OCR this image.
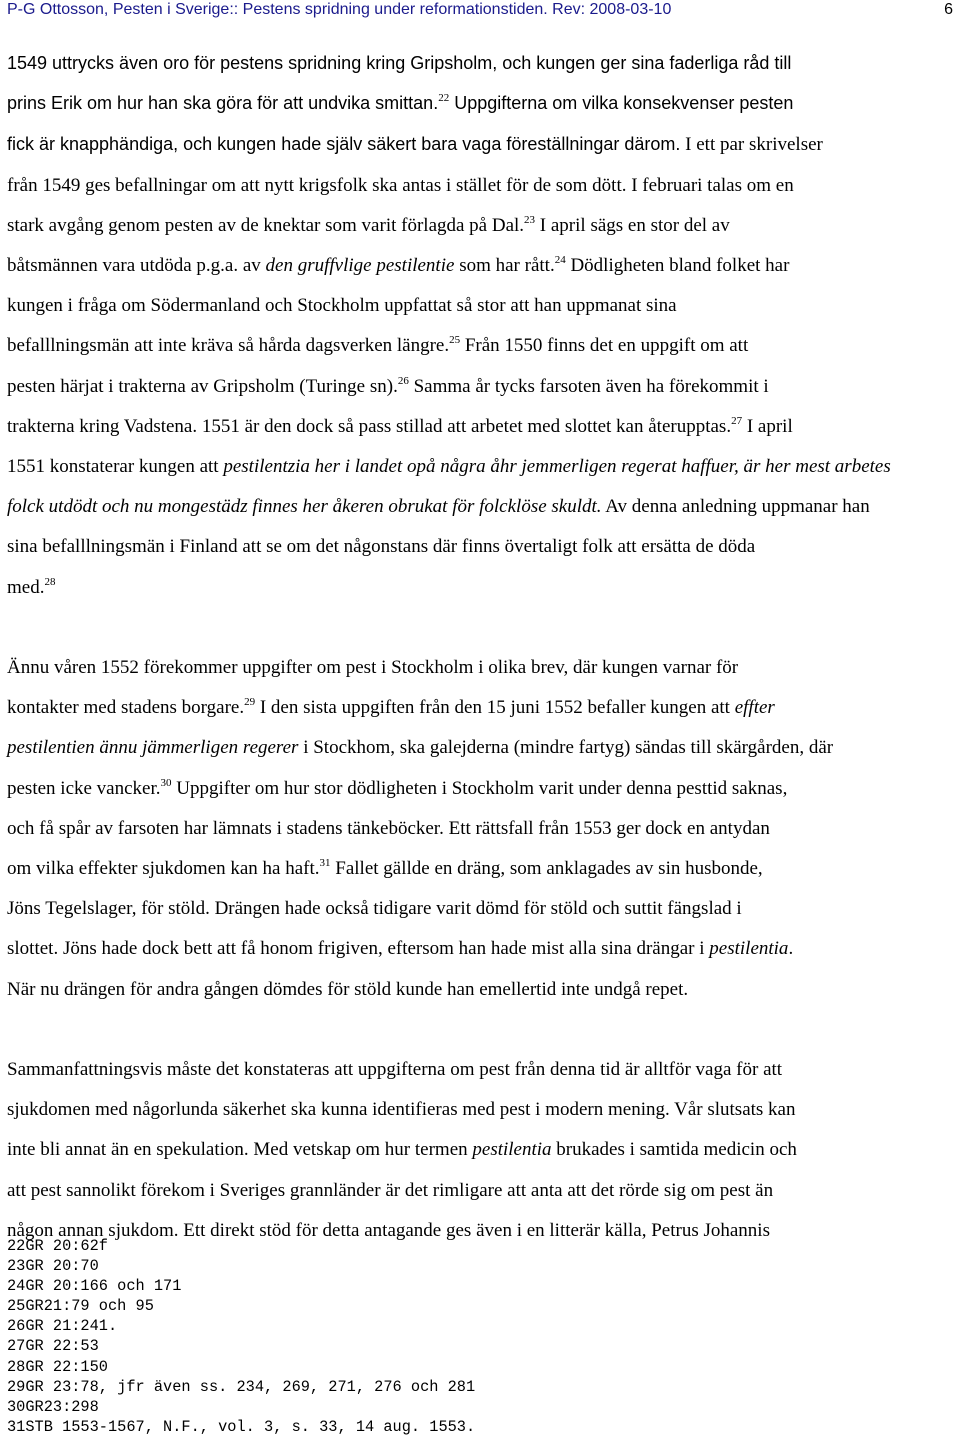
P-G Ottosson, Pesten i Sverige:: Pestens spridning under reformationstiden. Rev: 2008-03-10	6
1549 uttrycks även oro för pestens spridning kring Gripsholm, och kungen ger sina faderliga råd till
prins Erik om hur han ska göra för att undvika smittan.$^{22}$ Uppgifterna om vilka konsekvenser pesten
fick är knapphändiga, och kungen hade själv säkert bara vaga föreställningar därom. I ett par skrivelser
från 1549 ges befallningar om att nytt krigsfolk ska antas i stället för de som dött. I februari talas om en
stark avgång genom pesten av de knektar som varit förlagda på Dal.$^{23}$ I april sägs en stor del av
båtsmännen vara utdöda p.g.a. av den gruffvlige pestilentie som har rått.$^{24}$ Dödligheten bland folket har
kungen i fråga om Södermanland och Stockholm uppfattat så stor att han uppmanat sina
befalllningsmän att inte kräva så hårda dagsverken längre.$^{25}$ Från 1550 finns det en uppgift om att
pesten härjat i trakterna av Gripsholm (Turinge sn).$^{26}$ Samma år tycks farsoten även ha förekommit i
trakterna kring Vadstena. 1551 är den dock så pass stillad att arbetet med slottet kan återupptas.$^{27}$ I april
1551 konstaterar kungen att pestilentzia her i landet opå några åhr jemmerligen regerat haffuer, är her mest arbetes
folck utdödt och nu mongestädz finnes her åkeren obrukat för folcklöse skuldt. Av denna anledning uppmanar han
sina befalllningsmän i Finland att se om det någonstans där finns övertaligt folk att ersätta de döda
med.$^{28}$
Ännu våren 1552 förekommer uppgifter om pest i Stockholm i olika brev, där kungen varnar för
kontakter med stadens borgare.$^{29}$ I den sista uppgiften från den 15 juni 1552 befaller kungen att effter
pestilentien ännu jämmerligen regerer i Stockhom, ska galejderna (mindre fartyg) sändas till skärgården, där
pesten icke vancker.$^{30}$ Uppgifter om hur stor dödligheten i Stockholm varit under denna pesttid saknas,
och få spår av farsoten har lämnats i stadens tänkeböcker. Ett rättsfall från 1553 ger dock en antydan
om vilka effekter sjukdomen kan ha haft.$^{31}$ Fallet gällde en dräng, som anklagades av sin husbonde,
Jöns Tegelslager, för stöld. Drängen hade också tidigare varit dömd för stöld och suttit fängslad i
slottet. Jöns hade dock bett att få honom frigiven, eftersom han hade mist alla sina drängar i pestilentia.
När nu drängen för andra gången dömdes för stöld kunde han emellertid inte undgå repet.
Sammanfattningsvis måste det konstateras att uppgifterna om pest från denna tid är alltför vaga för att
sjukdomen med någorlunda säkerhet ska kunna identifieras med pest i modern mening. Vår slutsats kan
inte bli annat än en spekulation. Med vetskap om hur termen pestilentia brukades i samtida medicin och
att pest sannolikt förekom i Sveriges grannländer är det rimligare att anta att det rörde sig om pest än
någon annan sjukdom. Ett direkt stöd för detta antagande ges även i en litterär källa, Petrus Johannis
22GR 20:62f
23GR 20:70
24GR 20:166 och 171
25GR21:79 och 95
26GR 21:241.
27GR 22:53
28GR 22:150
29GR 23:78, jfr även ss. 234, 269, 271, 276 och 281
30GR23:298
31STB 1553-1567, N.F., vol. 3, s. 33, 14 aug. 1553.
